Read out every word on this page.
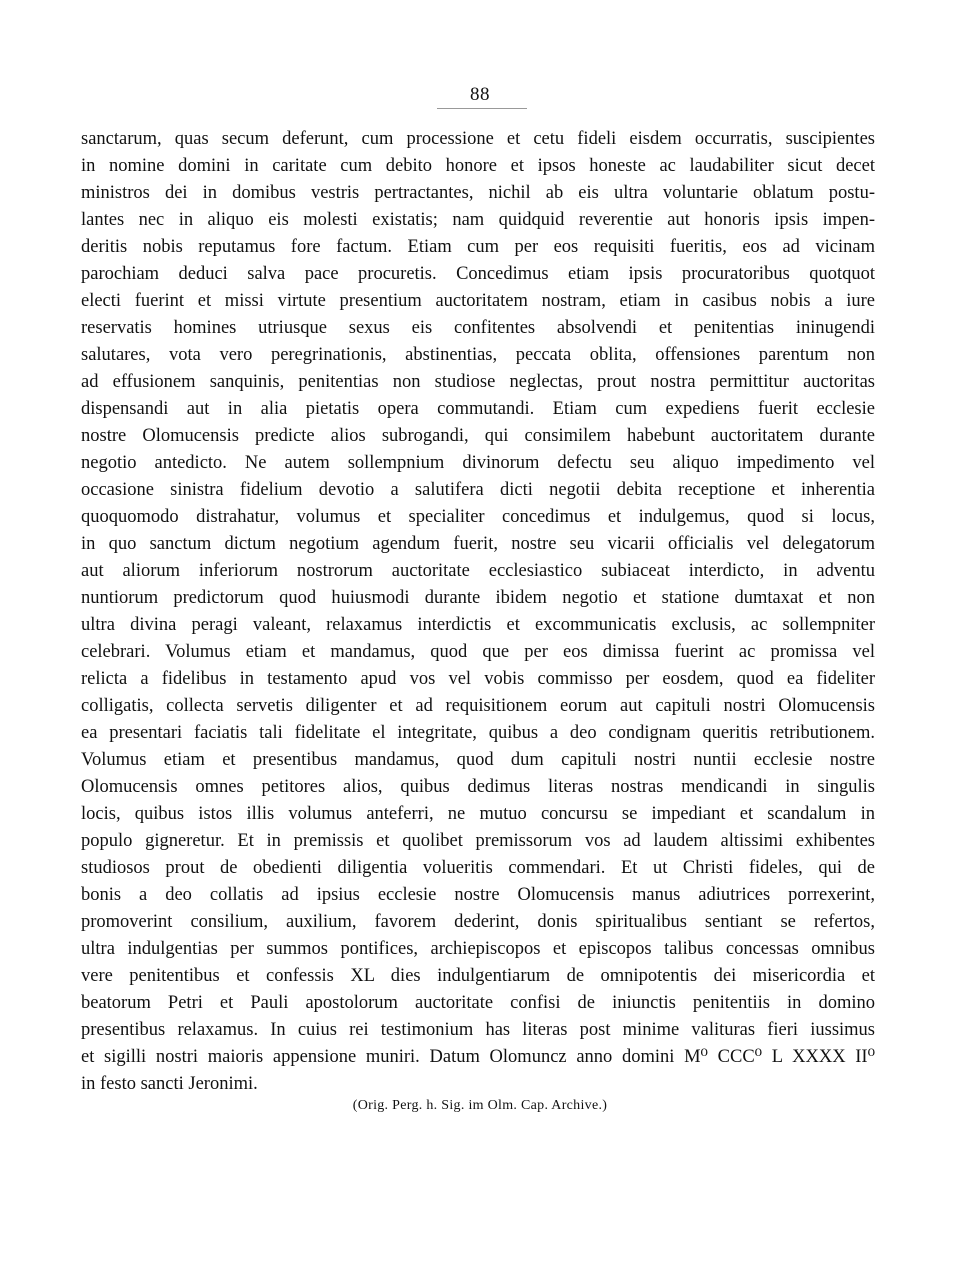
88
sanctarum, quas secum deferunt, cum processione et cetu fideli eisdem occurratis, suscipientes
in nomine domini in caritate cum debito honore et ipsos honeste ac laudabiliter sicut decet
ministros dei in domibus vestris pertractantes, nichil ab eis ultra voluntarie oblatum postu-
lantes nec in aliquo eis molesti existatis; nam quidquid reverentie aut honoris ipsis impen-
deritis nobis reputamus fore factum. Etiam cum per eos requisiti fueritis, eos ad vicinam
parochiam deduci salva pace procuretis. Concedimus etiam ipsis procuratoribus quotquot
electi fuerint et missi virtute presentium auctoritatem nostram, etiam in casibus nobis a iure
reservatis homines utriusque sexus eis confitentes absolvendi et penitentias ininugendi
salutares, vota vero peregrinationis, abstinentias, peccata oblita, offensiones parentum non
ad effusionem sanquinis, penitentias non studiose neglectas, prout nostra permittitur auctoritas
dispensandi aut in alia pietatis opera commutandi. Etiam cum expediens fuerit ecclesie
nostre Olomucensis predicte alios subrogandi, qui consimilem habebunt auctoritatem durante
negotio antedicto. Ne autem sollempnium divinorum defectu seu aliquo impedimento vel
occasione sinistra fidelium devotio a salutifera dicti negotii debita receptione et inherentia
quoquomodo distrahatur, volumus et specialiter concedimus et indulgemus, quod si locus,
in quo sanctum dictum negotium agendum fuerit, nostre seu vicarii officialis vel delegatorum
aut aliorum inferiorum nostrorum auctoritate ecclesiastico subiaceat interdicto, in adventu
nuntiorum predictorum quod huiusmodi durante ibidem negotio et statione dumtaxat et non
ultra divina peragi valeant, relaxamus interdictis et excommunicatis exclusis, ac sollempniter
celebrari. Volumus etiam et mandamus, quod que per eos dimissa fuerint ac promissa vel
relicta a fidelibus in testamento apud vos vel vobis commisso per eosdem, quod ea fideliter
colligatis, collecta servetis diligenter et ad requisitionem eorum aut capituli nostri Olomucensis
ea presentari faciatis tali fidelitate el integritate, quibus a deo condignam queritis retributionem.
Volumus etiam et presentibus mandamus, quod dum capituli nostri nuntii ecclesie nostre
Olomucensis omnes petitores alios, quibus dedimus literas nostras mendicandi in singulis
locis, quibus istos illis volumus anteferri, ne mutuo concursu se impediant et scandalum in
populo gigneretur. Et in premissis et quolibet premissorum vos ad laudem altissimi exhibentes
studiosos prout de obedienti diligentia volueritis commendari. Et ut Christi fideles, qui de
bonis a deo collatis ad ipsius ecclesie nostre Olomucensis manus adiutrices porrexerint,
promoverint consilium, auxilium, favorem dederint, donis spiritualibus sentiant se refertos,
ultra indulgentias per summos pontifices, archiepiscopos et episcopos talibus concessas omnibus
vere penitentibus et confessis XL dies indulgentiarum de omnipotentis dei misericordia et
beatorum Petri et Pauli apostolorum auctoritate confisi de iniunctis penitentiis in domino
presentibus relaxamus. In cuius rei testimonium has literas post minime valituras fieri iussimus
et sigilli nostri maioris appensione muniri. Datum Olomuncz anno domini M⁰ CCC⁰ L XXXX II⁰
in festo sancti Jeronimi.
(Orig. Perg. h. Sig. im Olm. Cap. Archive.)
